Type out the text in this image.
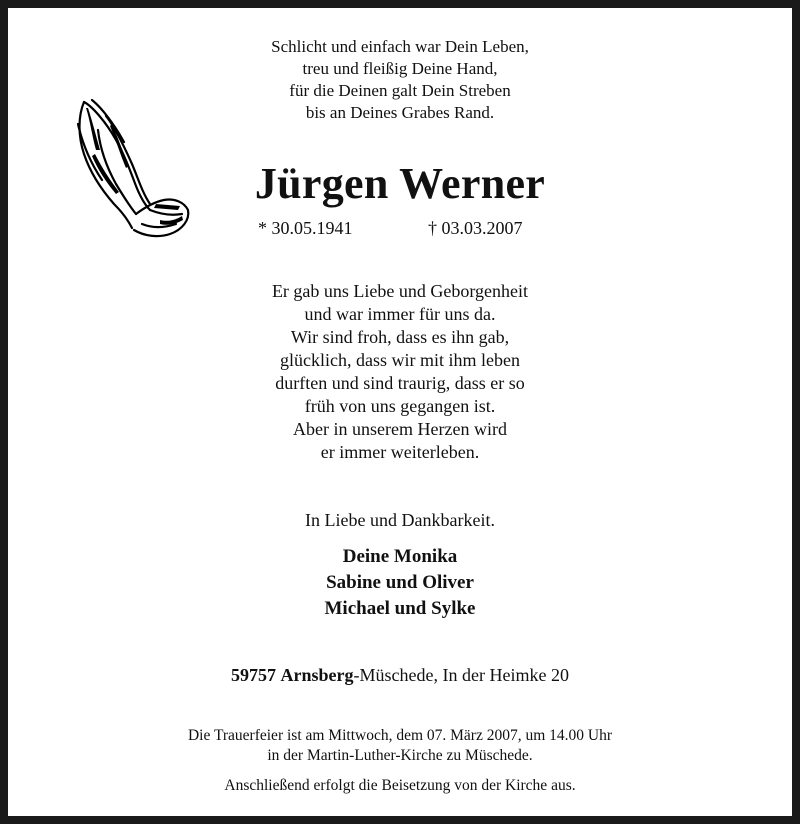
Schlicht und einfach war Dein Leben,
treu und fleißig Deine Hand,
für die Deinen galt Dein Streben
bis an Deines Grabes Rand.
Jürgen Werner
* 30.05.1941	† 03.03.2007
Er gab uns Liebe und Geborgenheit
und war immer für uns da.
Wir sind froh, dass es ihn gab,
glücklich, dass wir mit ihm leben
durften und sind traurig, dass er so
früh von uns gegangen ist.
Aber in unserem Herzen wird
er immer weiterleben.
In Liebe und Dankbarkeit.
Deine Monika
Sabine und Oliver
Michael und Sylke
59757 Arnsberg-Müschede, In der Heimke 20
Die Trauerfeier ist am Mittwoch, dem 07. März 2007, um 14.00 Uhr
in der Martin-Luther-Kirche zu Müschede.
Anschließend erfolgt die Beisetzung von der Kirche aus.
